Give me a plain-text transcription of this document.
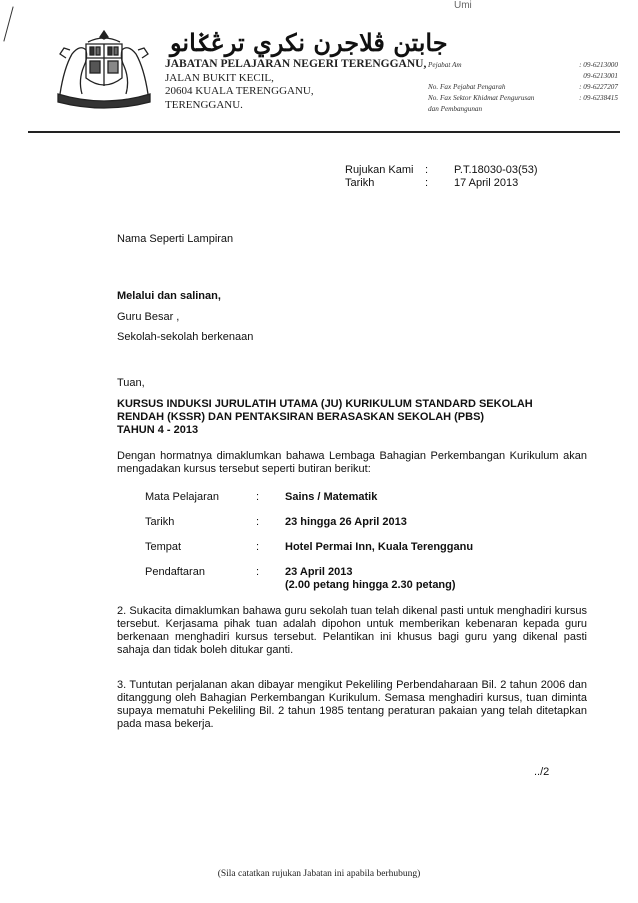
Umi
جابتن ڤلاجرن نکري ترڠݢانو
JABATAN PELAJARAN NEGERI TERENGGANU,
JALAN BUKIT KECIL,
20604 KUALA TERENGGANU,
TERENGGANU.
Pejabat Am	: 09-6213000
09-6213001
No. Fax Pejabat Pengarah	: 09-6227207
No. Fax Sektor Khidmat Pengurusan	: 09-6238415
dan Pembangunan
Rujukan Kami	:	P.T.18030-03(53)
Tarikh	:	17 April 2013
Nama Seperti Lampiran
Melalui dan salinan,
Guru Besar ,
Sekolah-sekolah berkenaan
Tuan,
KURSUS INDUKSI JURULATIH UTAMA (JU) KURIKULUM STANDARD SEKOLAH
RENDAH (KSSR) DAN PENTAKSIRAN BERASASKAN SEKOLAH (PBS)
TAHUN 4 - 2013
Dengan hormatnya dimaklumkan bahawa Lembaga Bahagian Perkembangan Kurikulum akan mengadakan kursus tersebut seperti butiran berikut:
Mata Pelajaran	:	Sains / Matematik
Tarikh	:	23 hingga 26 April 2013
Tempat	:	Hotel Permai Inn, Kuala Terengganu
Pendaftaran	:	23 April 2013
(2.00 petang hingga 2.30 petang)
2. Sukacita dimaklumkan bahawa guru sekolah tuan telah dikenal pasti untuk menghadiri kursus tersebut. Kerjasama pihak tuan adalah dipohon untuk memberikan kebenaran kepada guru berkenaan menghadiri kursus tersebut. Pelantikan ini khusus bagi guru yang dikenal pasti sahaja dan tidak boleh ditukar ganti.
3. Tuntutan perjalanan akan dibayar mengikut Pekeliling Perbendaharaan Bil. 2 tahun 2006 dan ditanggung oleh Bahagian Perkembangan Kurikulum. Semasa menghadiri kursus, tuan diminta supaya mematuhi Pekeliling Bil. 2 tahun 1985 tentang peraturan pakaian yang telah ditetapkan pada masa bekerja.
../2
(Sila catatkan rujukan Jabatan ini apabila berhubung)
